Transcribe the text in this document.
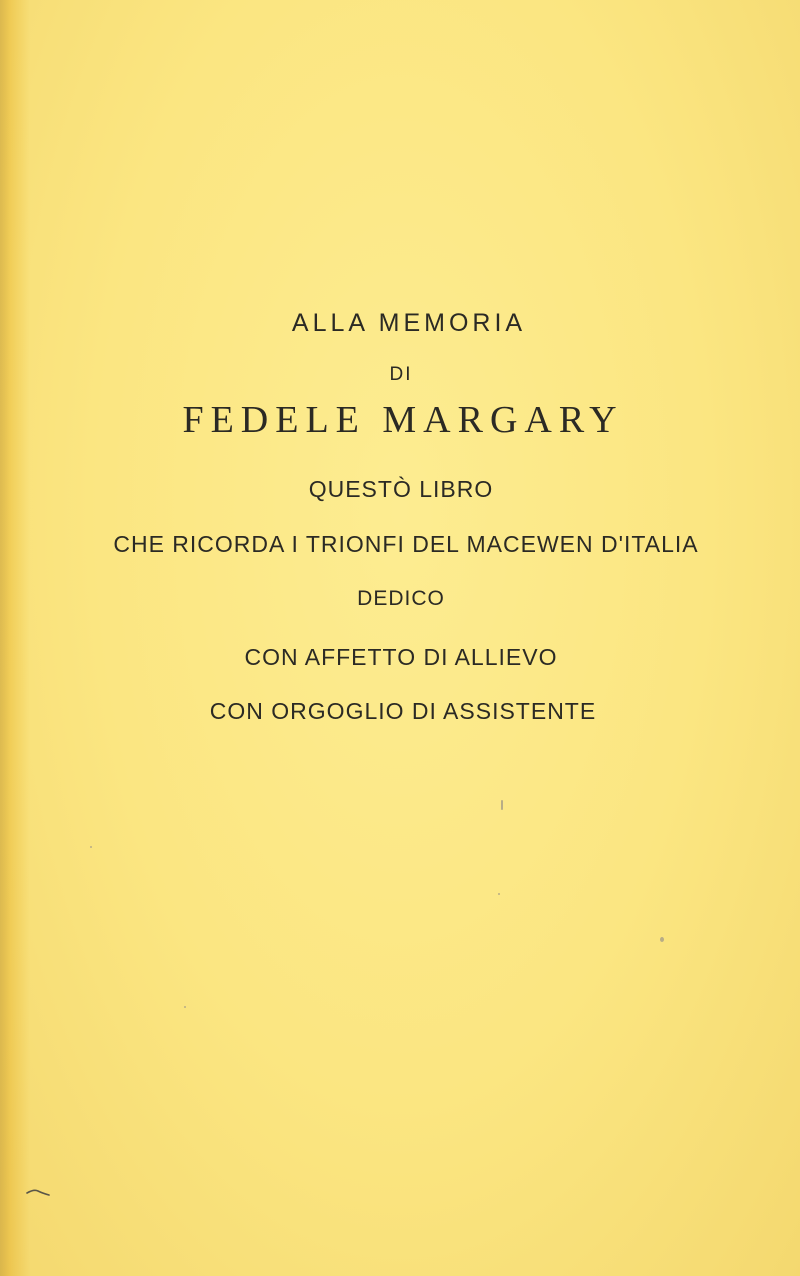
ALLA MEMORIA
DI
FEDELE MARGARY
QUESTÒ LIBRO
CHE RICORDA I TRIONFI DEL MACEWEN D'ITALIA
DEDICO
CON AFFETTO DI ALLIEVO
CON ORGOGLIO DI ASSISTENTE
